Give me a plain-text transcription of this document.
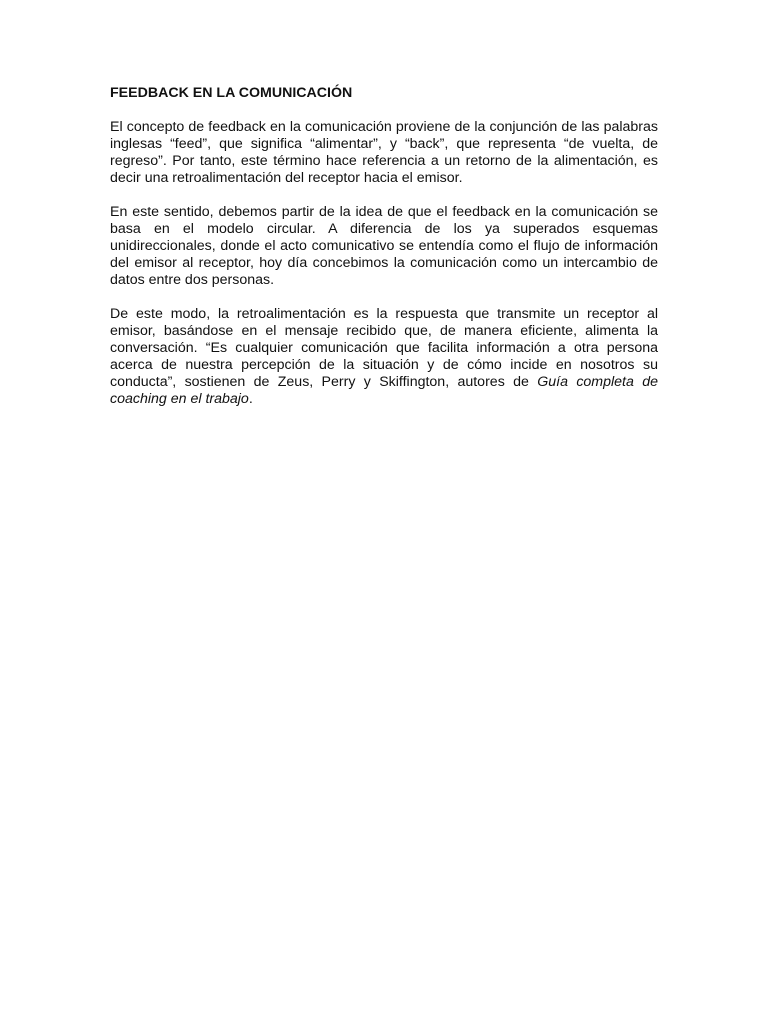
FEEDBACK EN LA COMUNICACIÓN

El concepto de feedback en la comunicación proviene de la conjunción de las palabras inglesas “feed”, que significa “alimentar”, y “back”, que representa “de vuelta, de regreso”. Por tanto, este término hace referencia a un retorno de la alimentación, es decir una retroalimentación del receptor hacia el emisor.

En este sentido, debemos partir de la idea de que el feedback en la comunicación se basa en el modelo circular. A diferencia de los ya superados esquemas unidireccionales, donde el acto comunicativo se entendía como el flujo de información del emisor al receptor, hoy día concebimos la comunicación como un intercambio de datos entre dos personas.

De este modo, la retroalimentación es la respuesta que transmite un receptor al emisor, basándose en el mensaje recibido que, de manera eficiente, alimenta la conversación. “Es cualquier comunicación que facilita información a otra persona acerca de nuestra percepción de la situación y de cómo incide en nosotros su conducta”, sostienen de Zeus, Perry y Skiffington, autores de Guía completa de coaching en el trabajo.
